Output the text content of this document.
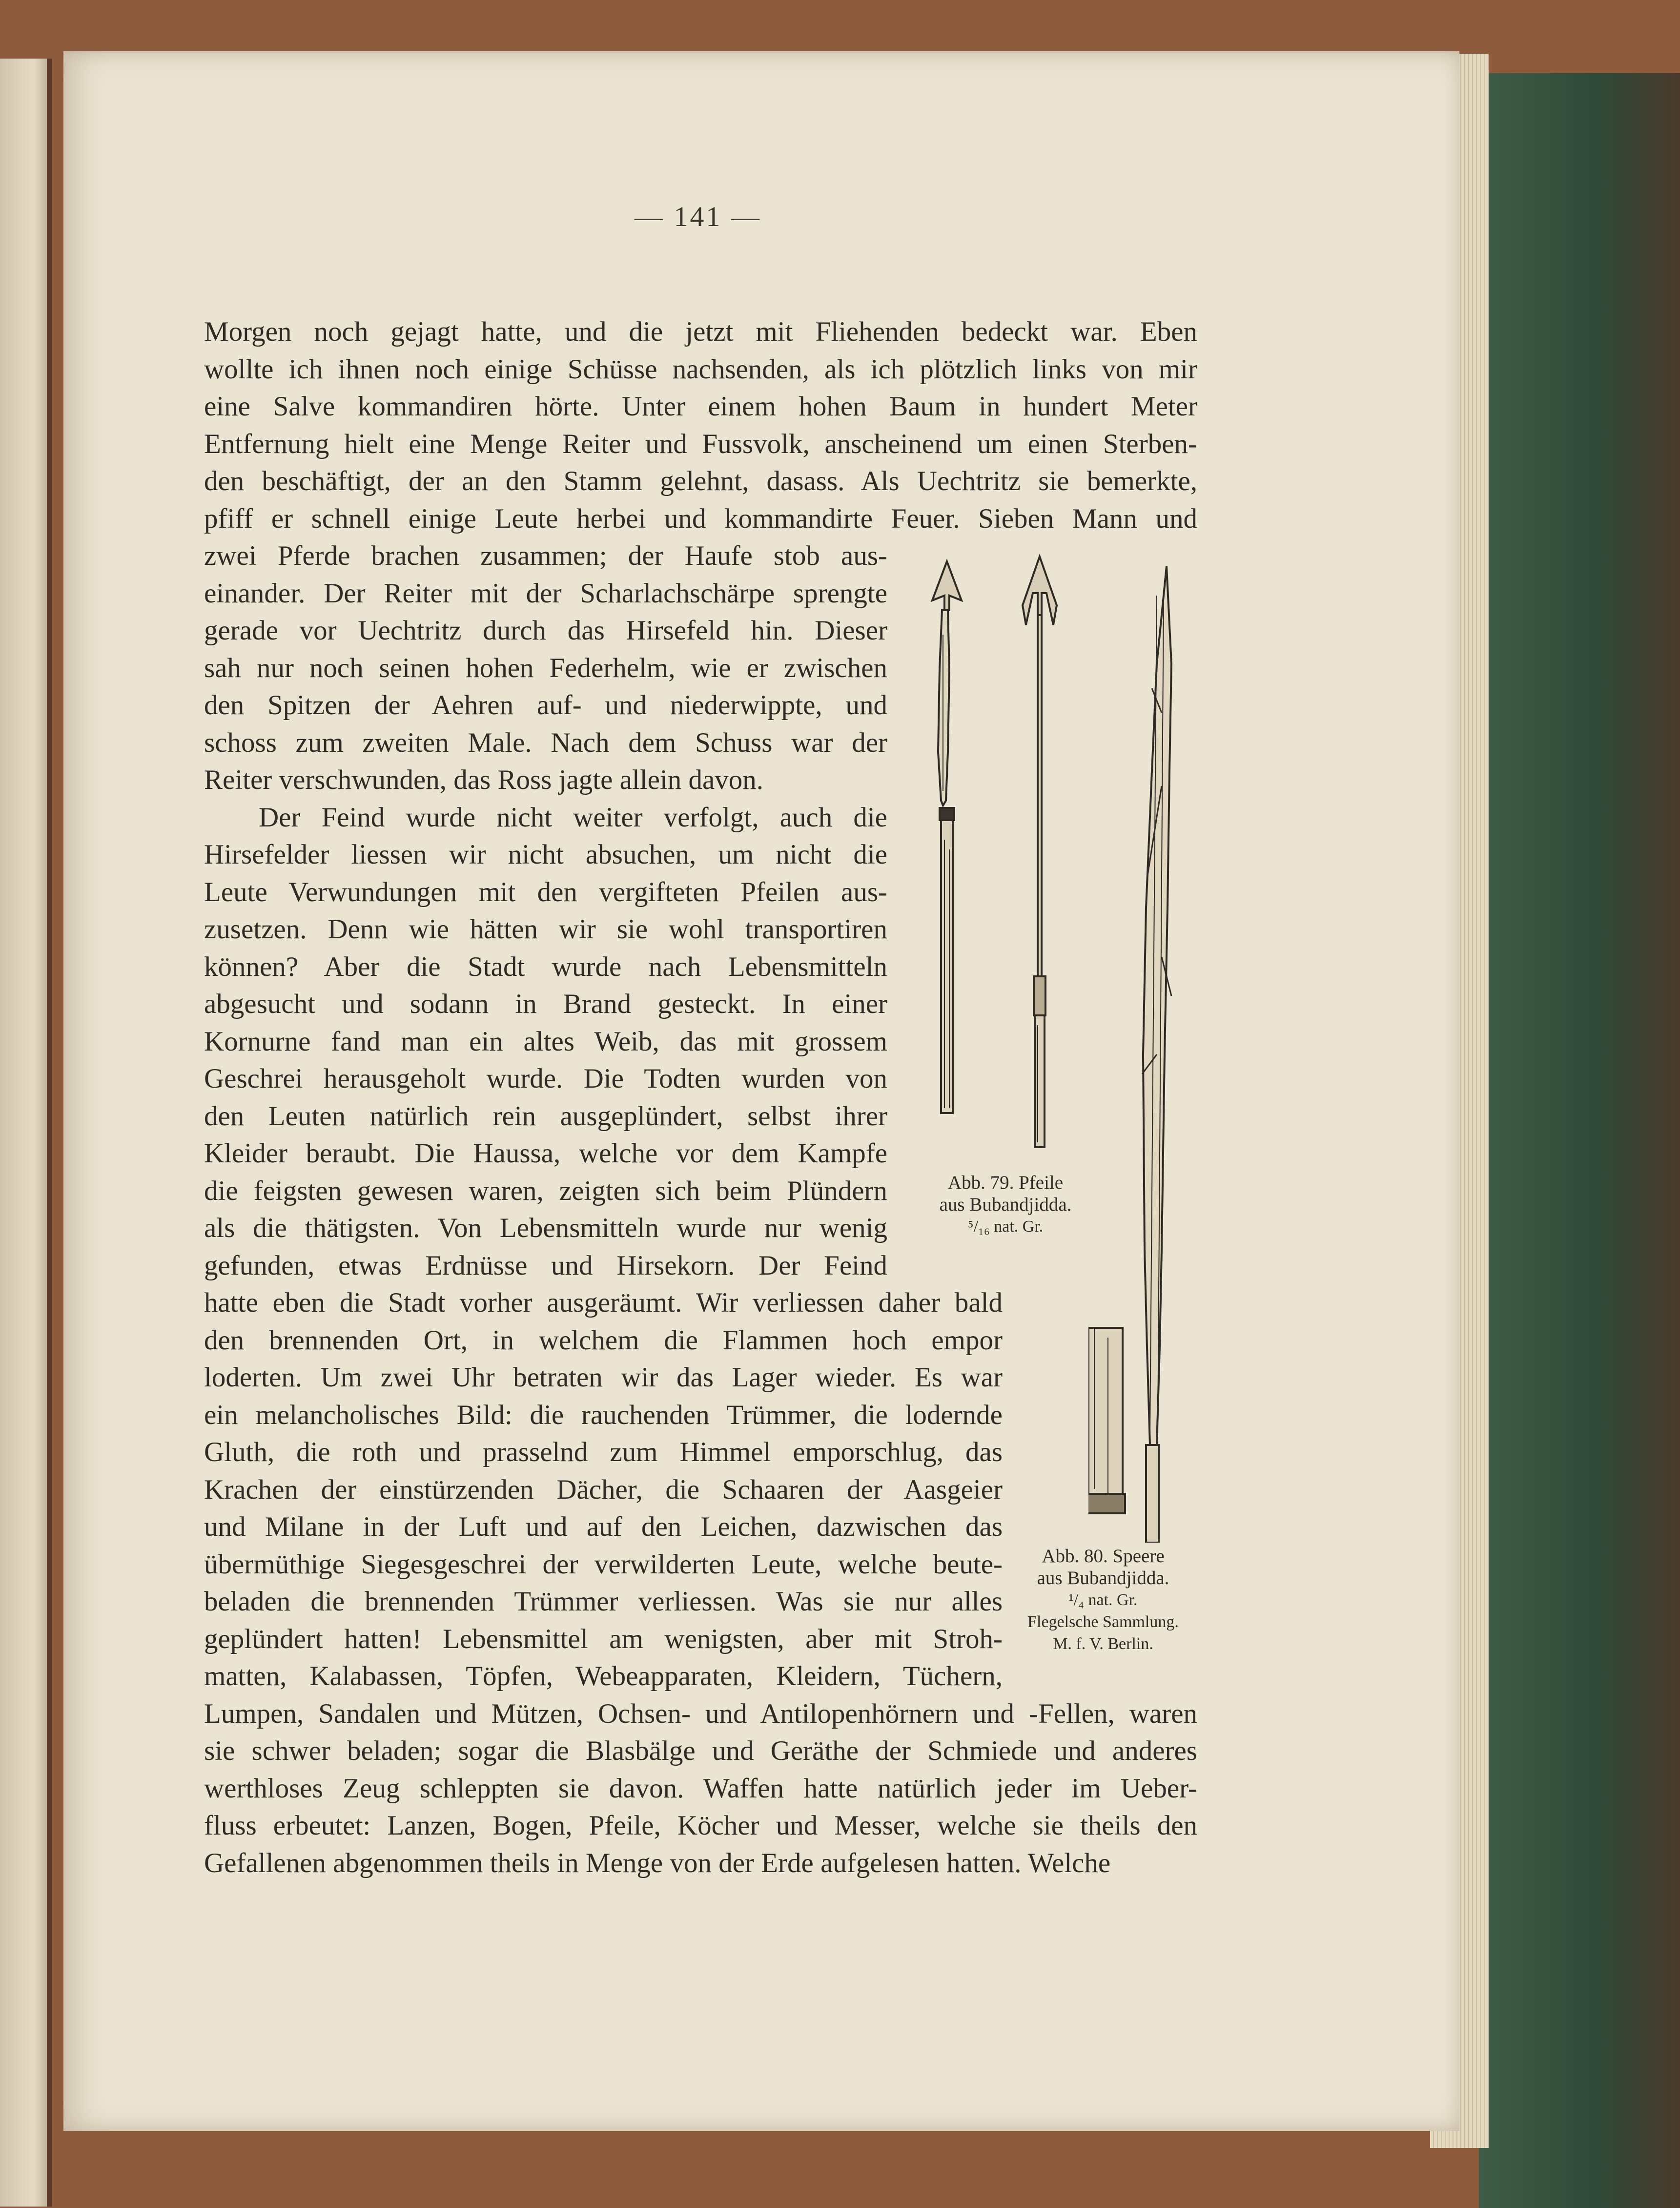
— 141 —
Morgen noch gejagt hatte, und die jetzt mit Fliehenden bedeckt war. Eben
wollte ich ihnen noch einige Schüsse nachsenden, als ich plötzlich links von mir
eine Salve kommandiren hörte. Unter einem hohen Baum in hundert Meter
Entfernung hielt eine Menge Reiter und Fussvolk, anscheinend um einen Sterben-
den beschäftigt, der an den Stamm gelehnt, dasass. Als Uechtritz sie bemerkte,
pfiff er schnell einige Leute herbei und kommandirte Feuer. Sieben Mann und
zwei Pferde brachen zusammen; der Haufe stob aus-
einander. Der Reiter mit der Scharlachschärpe sprengte
gerade vor Uechtritz durch das Hirsefeld hin. Dieser
sah nur noch seinen hohen Federhelm, wie er zwischen
den Spitzen der Aehren auf- und niederwippte, und
schoss zum zweiten Male. Nach dem Schuss war der
Reiter verschwunden, das Ross jagte allein davon.
Der Feind wurde nicht weiter verfolgt, auch die
Hirsefelder liessen wir nicht absuchen, um nicht die
Leute Verwundungen mit den vergifteten Pfeilen aus-
zusetzen. Denn wie hätten wir sie wohl transportiren
können? Aber die Stadt wurde nach Lebensmitteln
abgesucht und sodann in Brand gesteckt. In einer
Kornurne fand man ein altes Weib, das mit grossem
Geschrei herausgeholt wurde. Die Todten wurden von
den Leuten natürlich rein ausgeplündert, selbst ihrer
Kleider beraubt. Die Haussa, welche vor dem Kampfe
die feigsten gewesen waren, zeigten sich beim Plündern
als die thätigsten. Von Lebensmitteln wurde nur wenig
gefunden, etwas Erdnüsse und Hirsekorn. Der Feind
hatte eben die Stadt vorher ausgeräumt. Wir verliessen daher bald
den brennenden Ort, in welchem die Flammen hoch empor
loderten. Um zwei Uhr betraten wir das Lager wieder. Es war
ein melancholisches Bild: die rauchenden Trümmer, die lodernde
Gluth, die roth und prasselnd zum Himmel emporschlug, das
Krachen der einstürzenden Dächer, die Schaaren der Aasgeier
und Milane in der Luft und auf den Leichen, dazwischen das
übermüthige Siegesgeschrei der verwilderten Leute, welche beute-
beladen die brennenden Trümmer verliessen. Was sie nur alles
geplündert hatten! Lebensmittel am wenigsten, aber mit Stroh-
matten, Kalabassen, Töpfen, Webeapparaten, Kleidern, Tüchern,
Lumpen, Sandalen und Mützen, Ochsen- und Antilopenhörnern und -Fellen, waren
sie schwer beladen; sogar die Blasbälge und Geräthe der Schmiede und anderes
werthloses Zeug schleppten sie davon. Waffen hatte natürlich jeder im Ueber-
fluss erbeutet: Lanzen, Bogen, Pfeile, Köcher und Messer, welche sie theils den
Gefallenen abgenommen theils in Menge von der Erde aufgelesen hatten. Welche
Abb. 79. Pfeile
aus Bubandjidda.
⁵/₁₆ nat. Gr.
Abb. 80. Speere
aus Bubandjidda.
¹/₄ nat. Gr.
Flegelsche Sammlung.
M. f. V. Berlin.
